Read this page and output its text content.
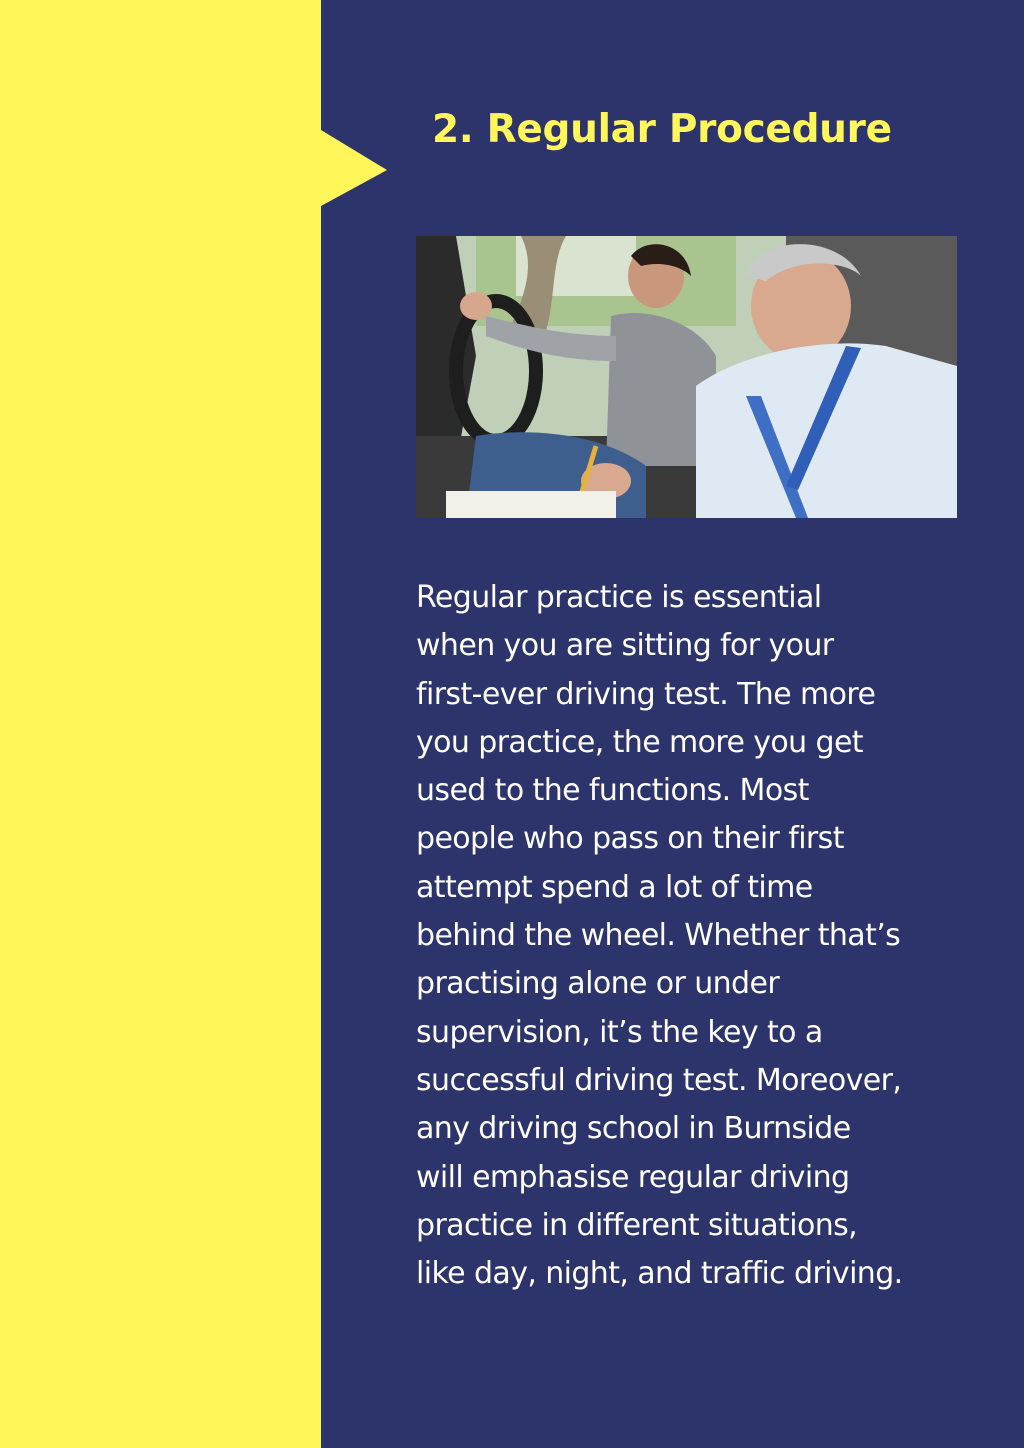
2. Regular Procedure

Regular practice is essential
when you are sitting for your
first-ever driving test. The more
you practice, the more you get
used to the functions. Most
people who pass on their first
attempt spend a lot of time
behind the wheel. Whether that’s
practising alone or under
supervision, it’s the key to a
successful driving test. Moreover,
any driving school in Burnside
will emphasise regular driving
practice in different situations,
like day, night, and traffic driving.
